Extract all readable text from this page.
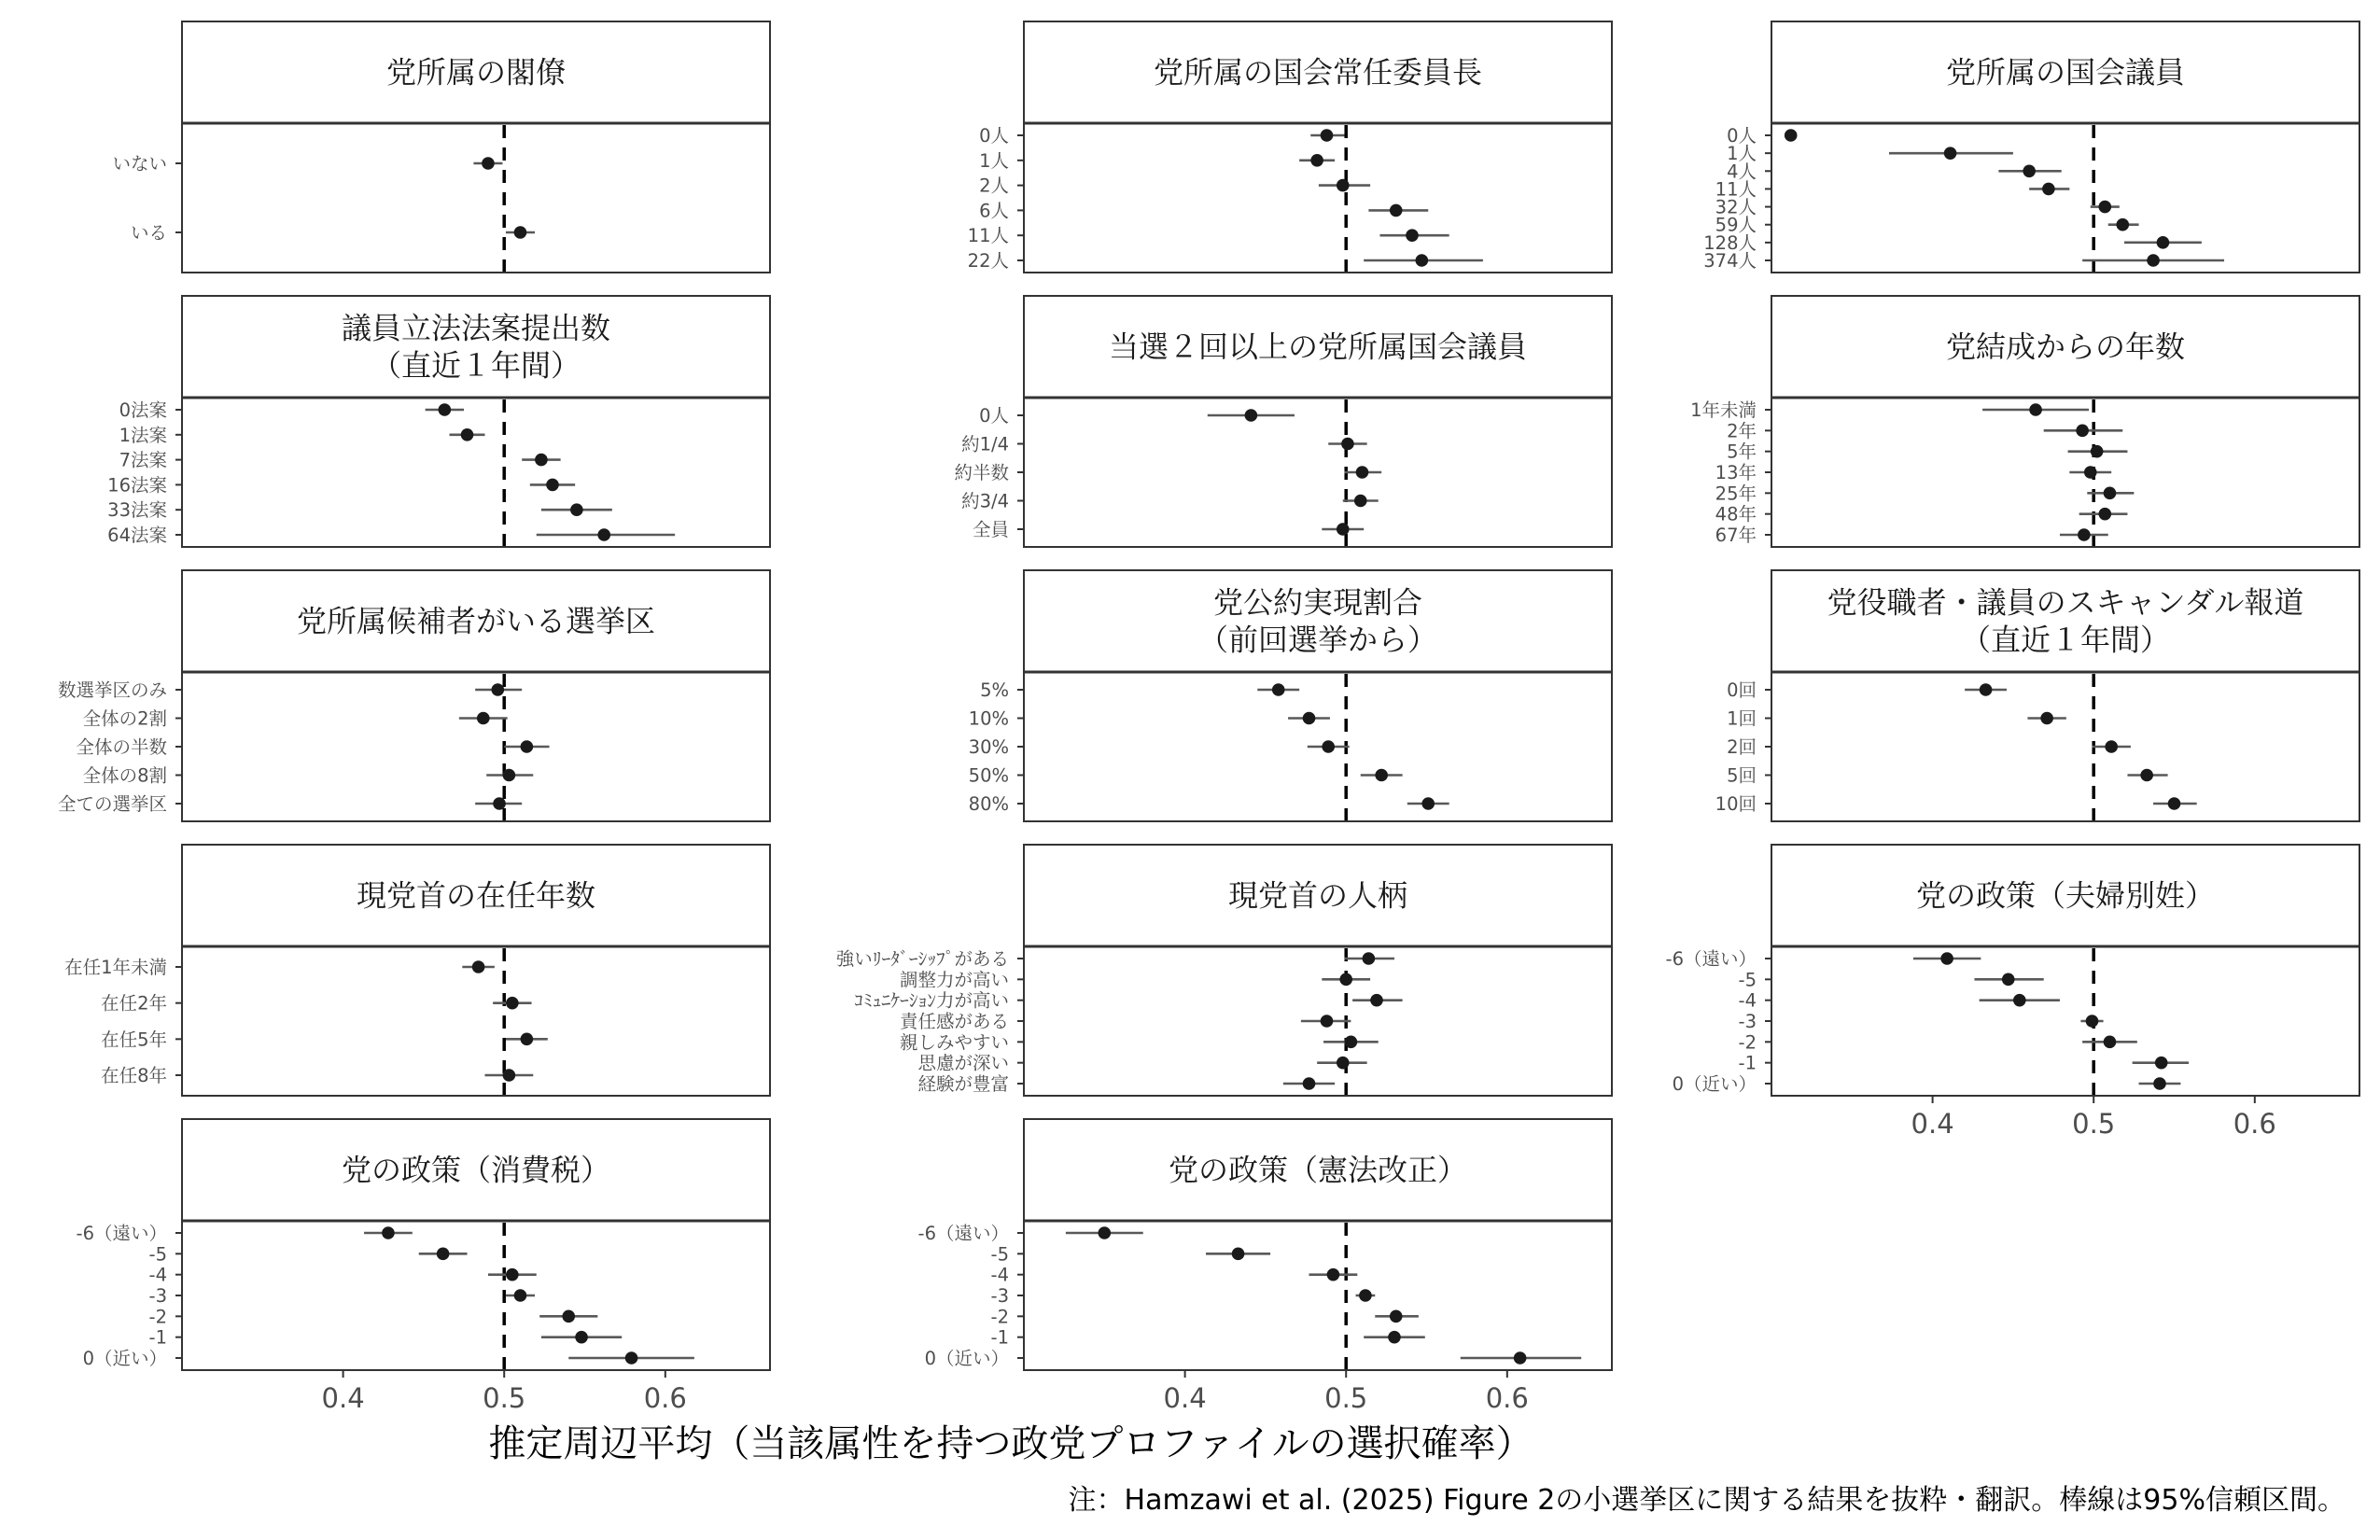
党所属の閣僚
いない
いる
党所属の国会常任委員長
0人
1人
2人
6人
11人
22人
党所属の国会議員
0人
1人
4人
11人
32人
59人
128人
374人
議員立法法案提出数
（直近１年間）
0法案
1法案
7法案
16法案
33法案
64法案
当選２回以上の党所属国会議員
0人
約1/4
約半数
約3/4
全員
党結成からの年数
1年未満
2年
5年
13年
25年
48年
67年
党所属候補者がいる選挙区
数選挙区のみ
全体の2割
全体の半数
全体の8割
全ての選挙区
党公約実現割合
（前回選挙から）
5%
10%
30%
50%
80%
党役職者・議員のスキャンダル報道
（直近１年間）
0回
1回
2回
5回
10回
現党首の在任年数
在任1年未満
在任2年
在任5年
在任8年
現党首の人柄
強いﾘｰﾀﾞｰｼｯﾌﾟがある
調整力が高い
ｺﾐｭﾆｹｰｼｮﾝ力が高い
責任感がある
親しみやすい
思慮が深い
経験が豊富
党の政策（夫婦別姓）
-6（遠い）
-5
-4
-3
-2
-1
0（近い）
0.4	0.5	0.6
党の政策（消費税）
-6（遠い）
-5
-4
-3
-2
-1
0（近い）
0.4	0.5	0.6
党の政策（憲法改正）
-6（遠い）
-5
-4
-3
-2
-1
0（近い）
0.4	0.5	0.6
推定周辺平均（当該属性を持つ政党プロファイルの選択確率）
注：Hamzawi et al. (2025) Figure 2の小選挙区に関する結果を抜粋・翻訳。棒線は95%信頼区間。
